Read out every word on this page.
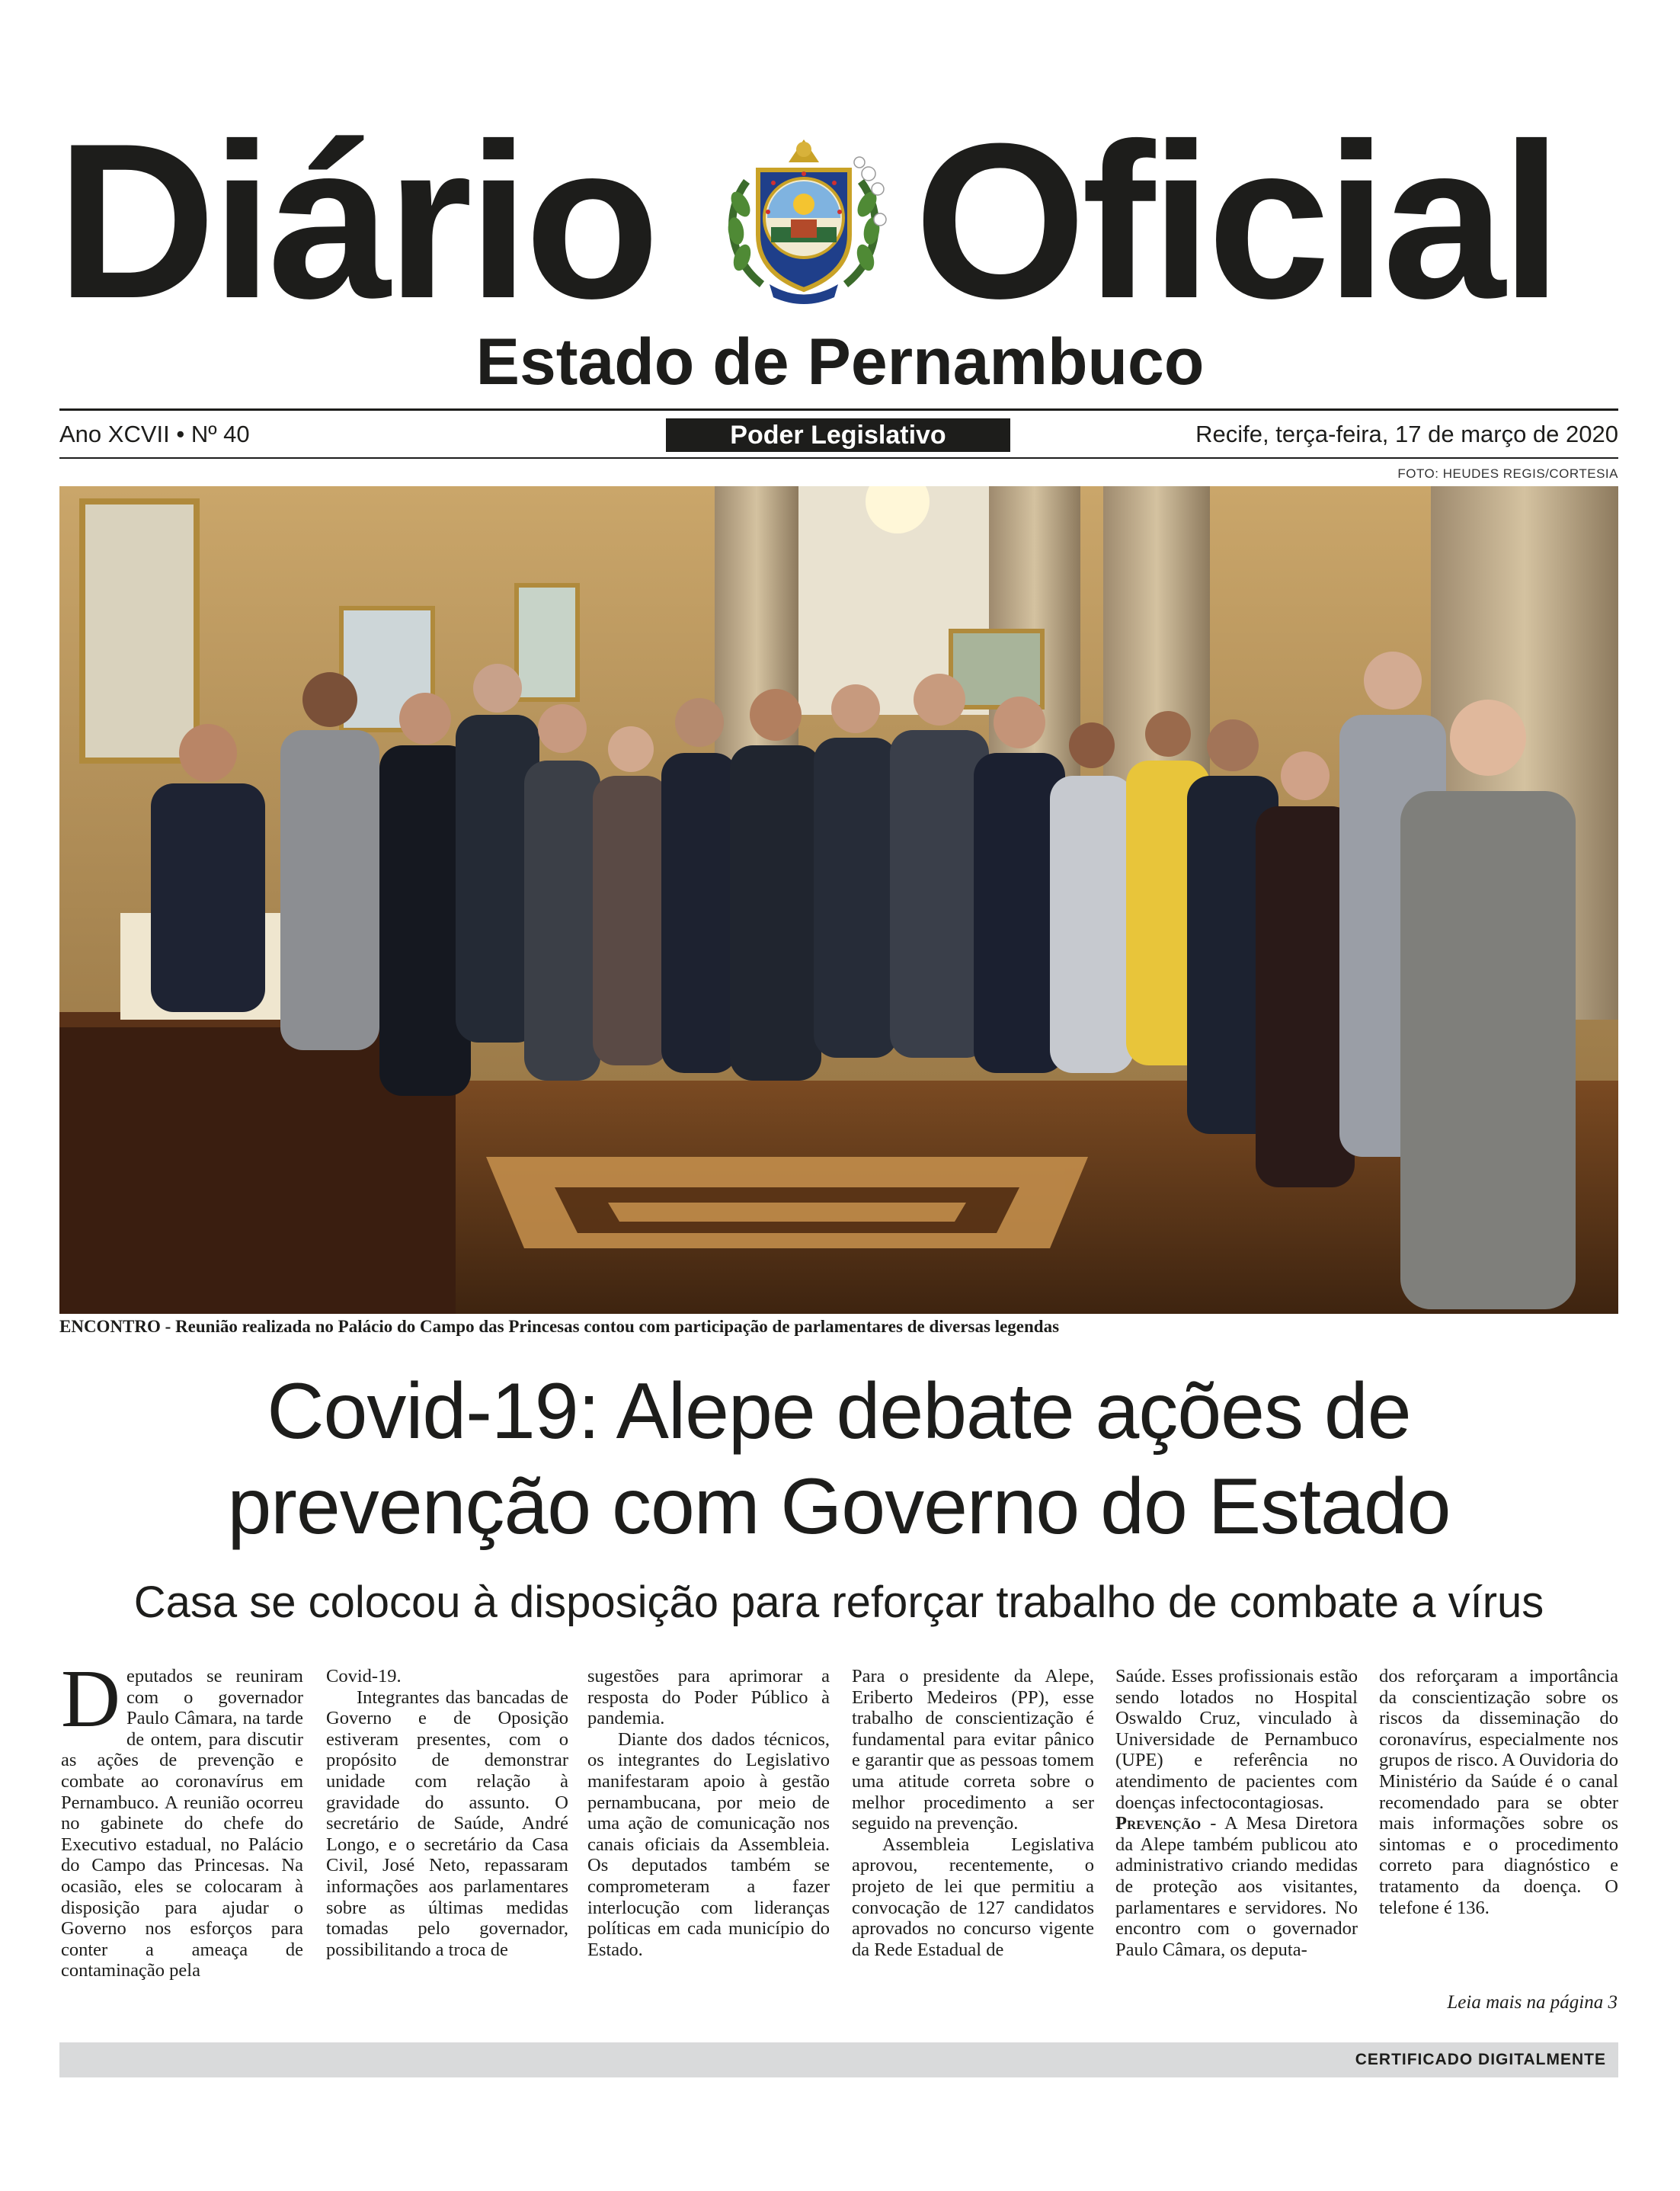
Diário Oficial
Estado de Pernambuco
Ano XCVII • Nº 40	Poder Legislativo	Recife, terça-feira, 17 de março de 2020
FOTO: HEUDES REGIS/CORTESIA
ENCONTRO - Reunião realizada no Palácio do Campo das Princesas contou com participação de parlamentares de diversas legendas
Covid-19: Alepe debate ações de
prevenção com Governo do Estado
Casa se colocou à disposição para reforçar trabalho de combate a vírus

Deputados se reuniram com o governador Paulo Câmara, na tarde de ontem, para discutir as ações de prevenção e combate ao coronavírus em Pernambuco. A reunião ocorreu no gabinete do chefe do Executivo estadual, no Palácio do Campo das Princesas. Na ocasião, eles se colocaram à disposição para ajudar o Governo nos esforços para conter a ameaça de contaminação pela

Covid-19.

Integrantes das bancadas de Governo e de Oposição estiveram presentes, com o propósito de demonstrar unidade com relação à gravidade do assunto. O secretário de Saúde, André Longo, e o secretário da Casa Civil, José Neto, repassaram informações aos parlamentares sobre as últimas medidas tomadas pelo governador, possibilitando a troca de

sugestões para aprimorar a resposta do Poder Público à pandemia.

Diante dos dados técnicos, os integrantes do Legislativo manifestaram apoio à gestão pernambucana, por meio de uma ação de comunicação nos canais oficiais da Assembleia. Os deputados também se comprometeram a fazer interlocução com lideranças políticas em cada município do Estado.

Para o presidente da Alepe, Eriberto Medeiros (PP), esse trabalho de conscientização é fundamental para evitar pânico e garantir que as pessoas tomem uma atitude correta sobre o melhor procedimento a ser seguido na prevenção.

Assembleia Legislativa aprovou, recentemente, o projeto de lei que permitiu a convocação de 127 candidatos aprovados no concurso vigente da Rede Estadual de

Saúde. Esses profissionais estão sendo lotados no Hospital Oswaldo Cruz, vinculado à Universidade de Pernambuco (UPE) e referência no atendimento de pacientes com doenças infectocontagiosas.

Prevenção - A Mesa Diretora da Alepe também publicou ato administrativo criando medidas de proteção aos visitantes, parlamentares e servidores. No encontro com o governador Paulo Câmara, os deputa-

dos reforçaram a importância da conscientização sobre os riscos da disseminação do coronavírus, especialmente nos grupos de risco. A Ouvidoria do Ministério da Saúde é o canal recomendado para se obter mais informações sobre os sintomas e o procedimento correto para diagnóstico e tratamento da doença. O telefone é 136.

Leia mais na página 3
CERTIFICADO DIGITALMENTE
